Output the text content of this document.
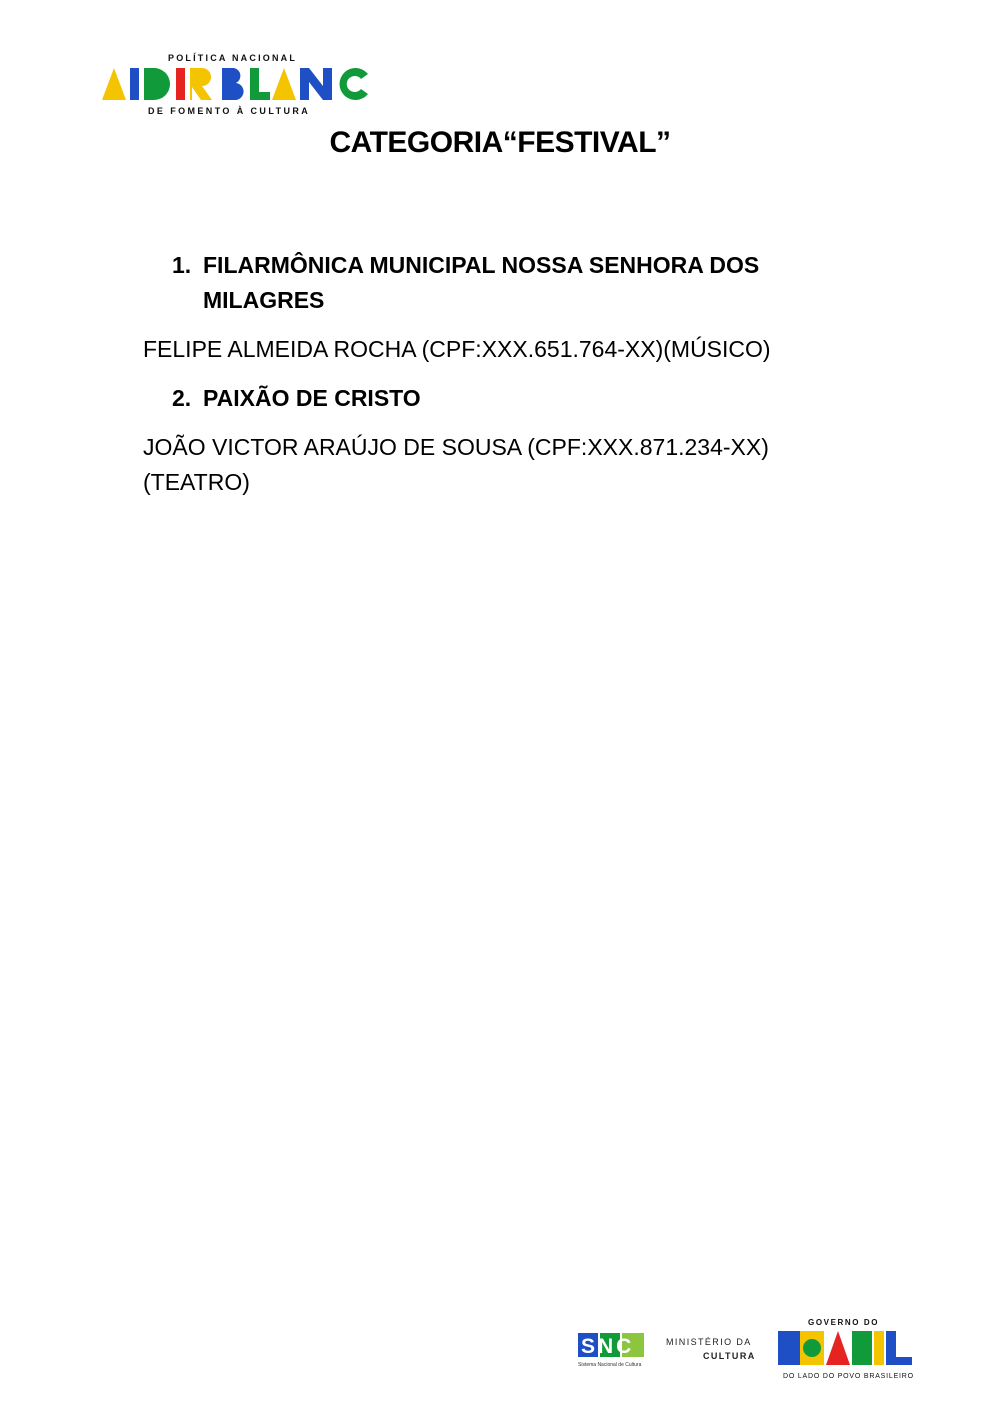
POLÍTICA NACIONAL
ALDIR BLANC
DE FOMENTO À CULTURA
CATEGORIA“FESTIVAL”
1. FILARMÔNICA MUNICIPAL NOSSA SENHORA DOS MILAGRES
FELIPE ALMEIDA ROCHA (CPF:XXX.651.764-XX)(MÚSICO)
2. PAIXÃO DE CRISTO
JOÃO VICTOR ARAÚJO DE SOUSA (CPF:XXX.871.234-XX) (TEATRO)
SNC
Sistema Nacional de Cultura
MINISTÉRIO DA
CULTURA
GOVERNO DO
BRASIL
DO LADO DO POVO BRASILEIRO
